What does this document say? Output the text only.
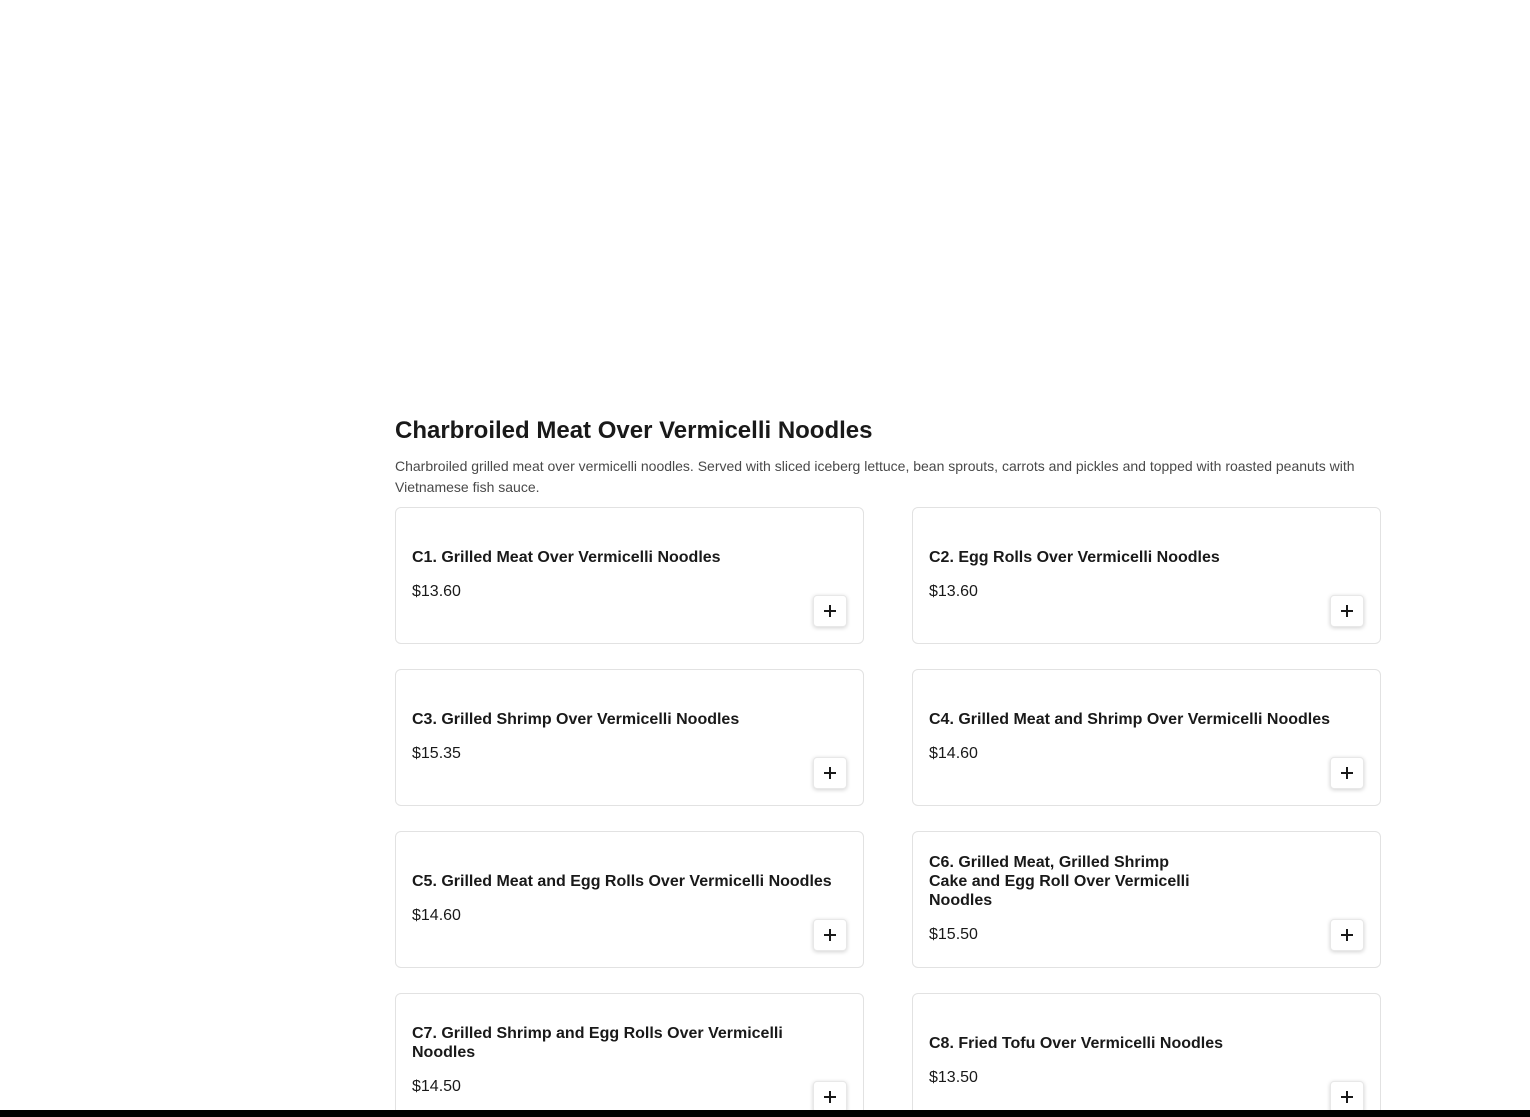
Charbroiled Meat Over Vermicelli Noodles

Charbroiled grilled meat over vermicelli noodles. Served with sliced iceberg lettuce, bean sprouts, carrots and pickles and topped with roasted peanuts with Vietnamese fish sauce.

C1. Grilled Meat Over Vermicelli Noodles
$13.60
C2. Egg Rolls Over Vermicelli Noodles
$13.60
C3. Grilled Shrimp Over Vermicelli Noodles
$15.35
C4. Grilled Meat and Shrimp Over Vermicelli Noodles
$14.60
C5. Grilled Meat and Egg Rolls Over Vermicelli Noodles
$14.60
C6. Grilled Meat, Grilled Shrimp Cake and Egg Roll Over Vermicelli Noodles
$15.50
C7. Grilled Shrimp and Egg Rolls Over Vermicelli Noodles
$14.50
C8. Fried Tofu Over Vermicelli Noodles
$13.50
